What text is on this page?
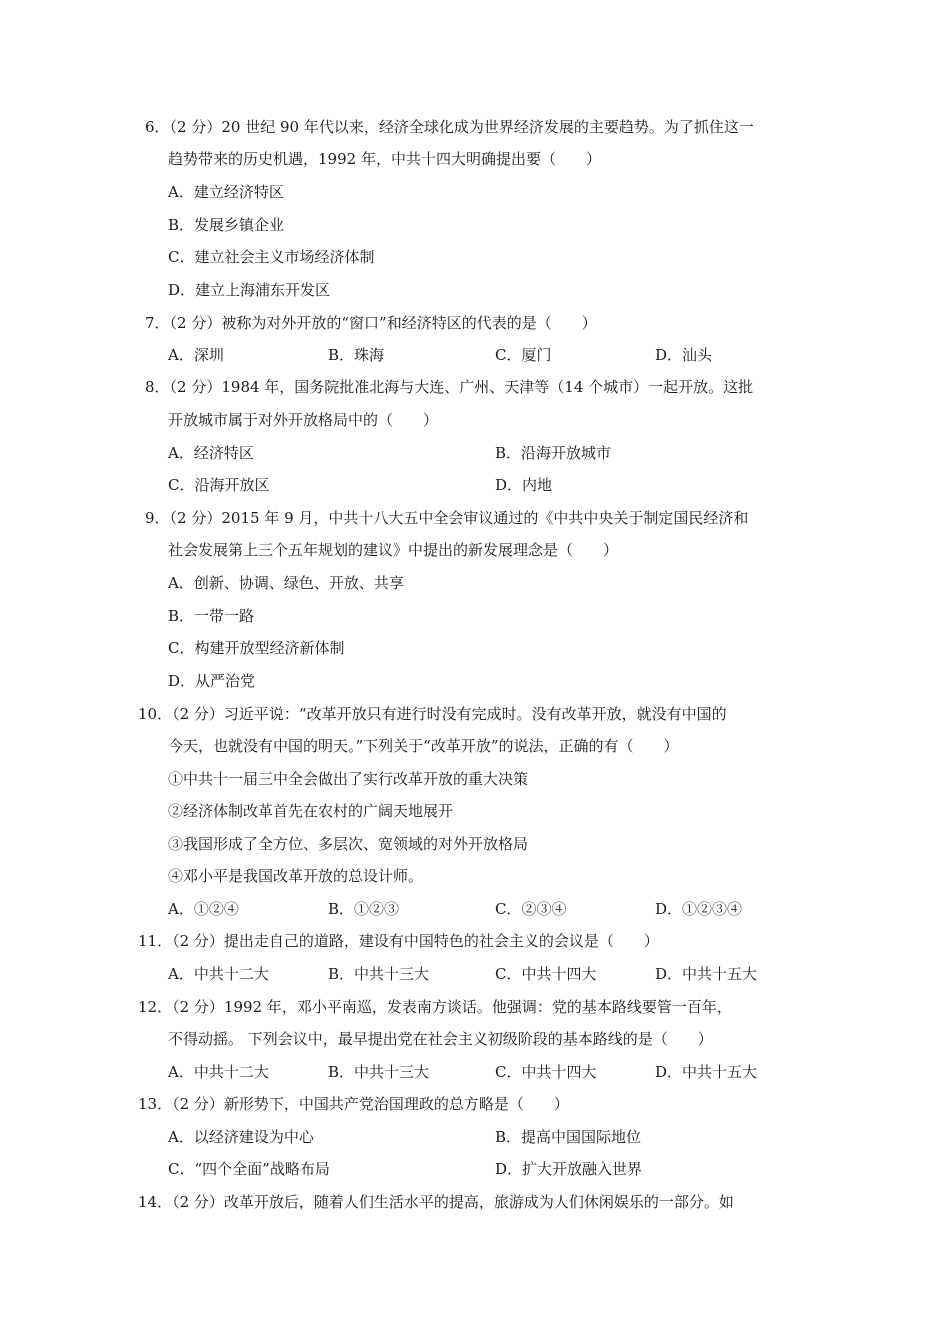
6．（2 分）20 世纪 90 年代以来，经济全球化成为世界经济发展的主要趋势。为了抓住这一
趋势带来的历史机遇，1992 年，中共十四大明确提出要（　　）
A．建立经济特区
B．发展乡镇企业
C．建立社会主义市场经济体制
D．建立上海浦东开发区
7．（2 分）被称为对外开放的“窗口”和经济特区的代表的是（　　）
A．深圳	B．珠海	C．厦门	D．汕头
8．（2 分）1984 年，国务院批准北海与大连、广州、天津等（14 个城市）一起开放。这批
开放城市属于对外开放格局中的（　　）
A．经济特区	B．沿海开放城市
C．沿海开放区	D．内地
9．（2 分）2015 年 9 月，中共十八大五中全会审议通过的《中共中央关于制定国民经济和
社会发展第上三个五年规划的建议》中提出的新发展理念是（　　）
A．创新、协调、绿色、开放、共享
B．一带一路
C．构建开放型经济新体制
D．从严治党
10．（2 分）习近平说：“改革开放只有进行时没有完成时。没有改革开放，就没有中国的
今天，也就没有中国的明天。”下列关于“改革开放”的说法，正确的有（　　）
①中共十一届三中全会做出了实行改革开放的重大决策
②经济体制改革首先在农村的广阔天地展开
③我国形成了全方位、多层次、宽领域的对外开放格局
④邓小平是我国改革开放的总设计师。
A．①②④	B．①②③	C．②③④	D．①②③④
11．（2 分）提出走自己的道路，建设有中国特色的社会主义的会议是（　　）
A．中共十二大	B．中共十三大	C．中共十四大	D．中共十五大
12．（2 分）1992 年，邓小平南巡，发表南方谈话。他强调：党的基本路线要管一百年，
不得动摇。 下列会议中，最早提出党在社会主义初级阶段的基本路线的是（　　）
A．中共十二大	B．中共十三大	C．中共十四大	D．中共十五大
13．（2 分）新形势下，中国共产党治国理政的总方略是（　　）
A．以经济建设为中心	B．提高中国国际地位
C．“四个全面”战略布局	D．扩大开放融入世界
14．（2 分）改革开放后，随着人们生活水平的提高，旅游成为人们休闲娱乐的一部分。如
